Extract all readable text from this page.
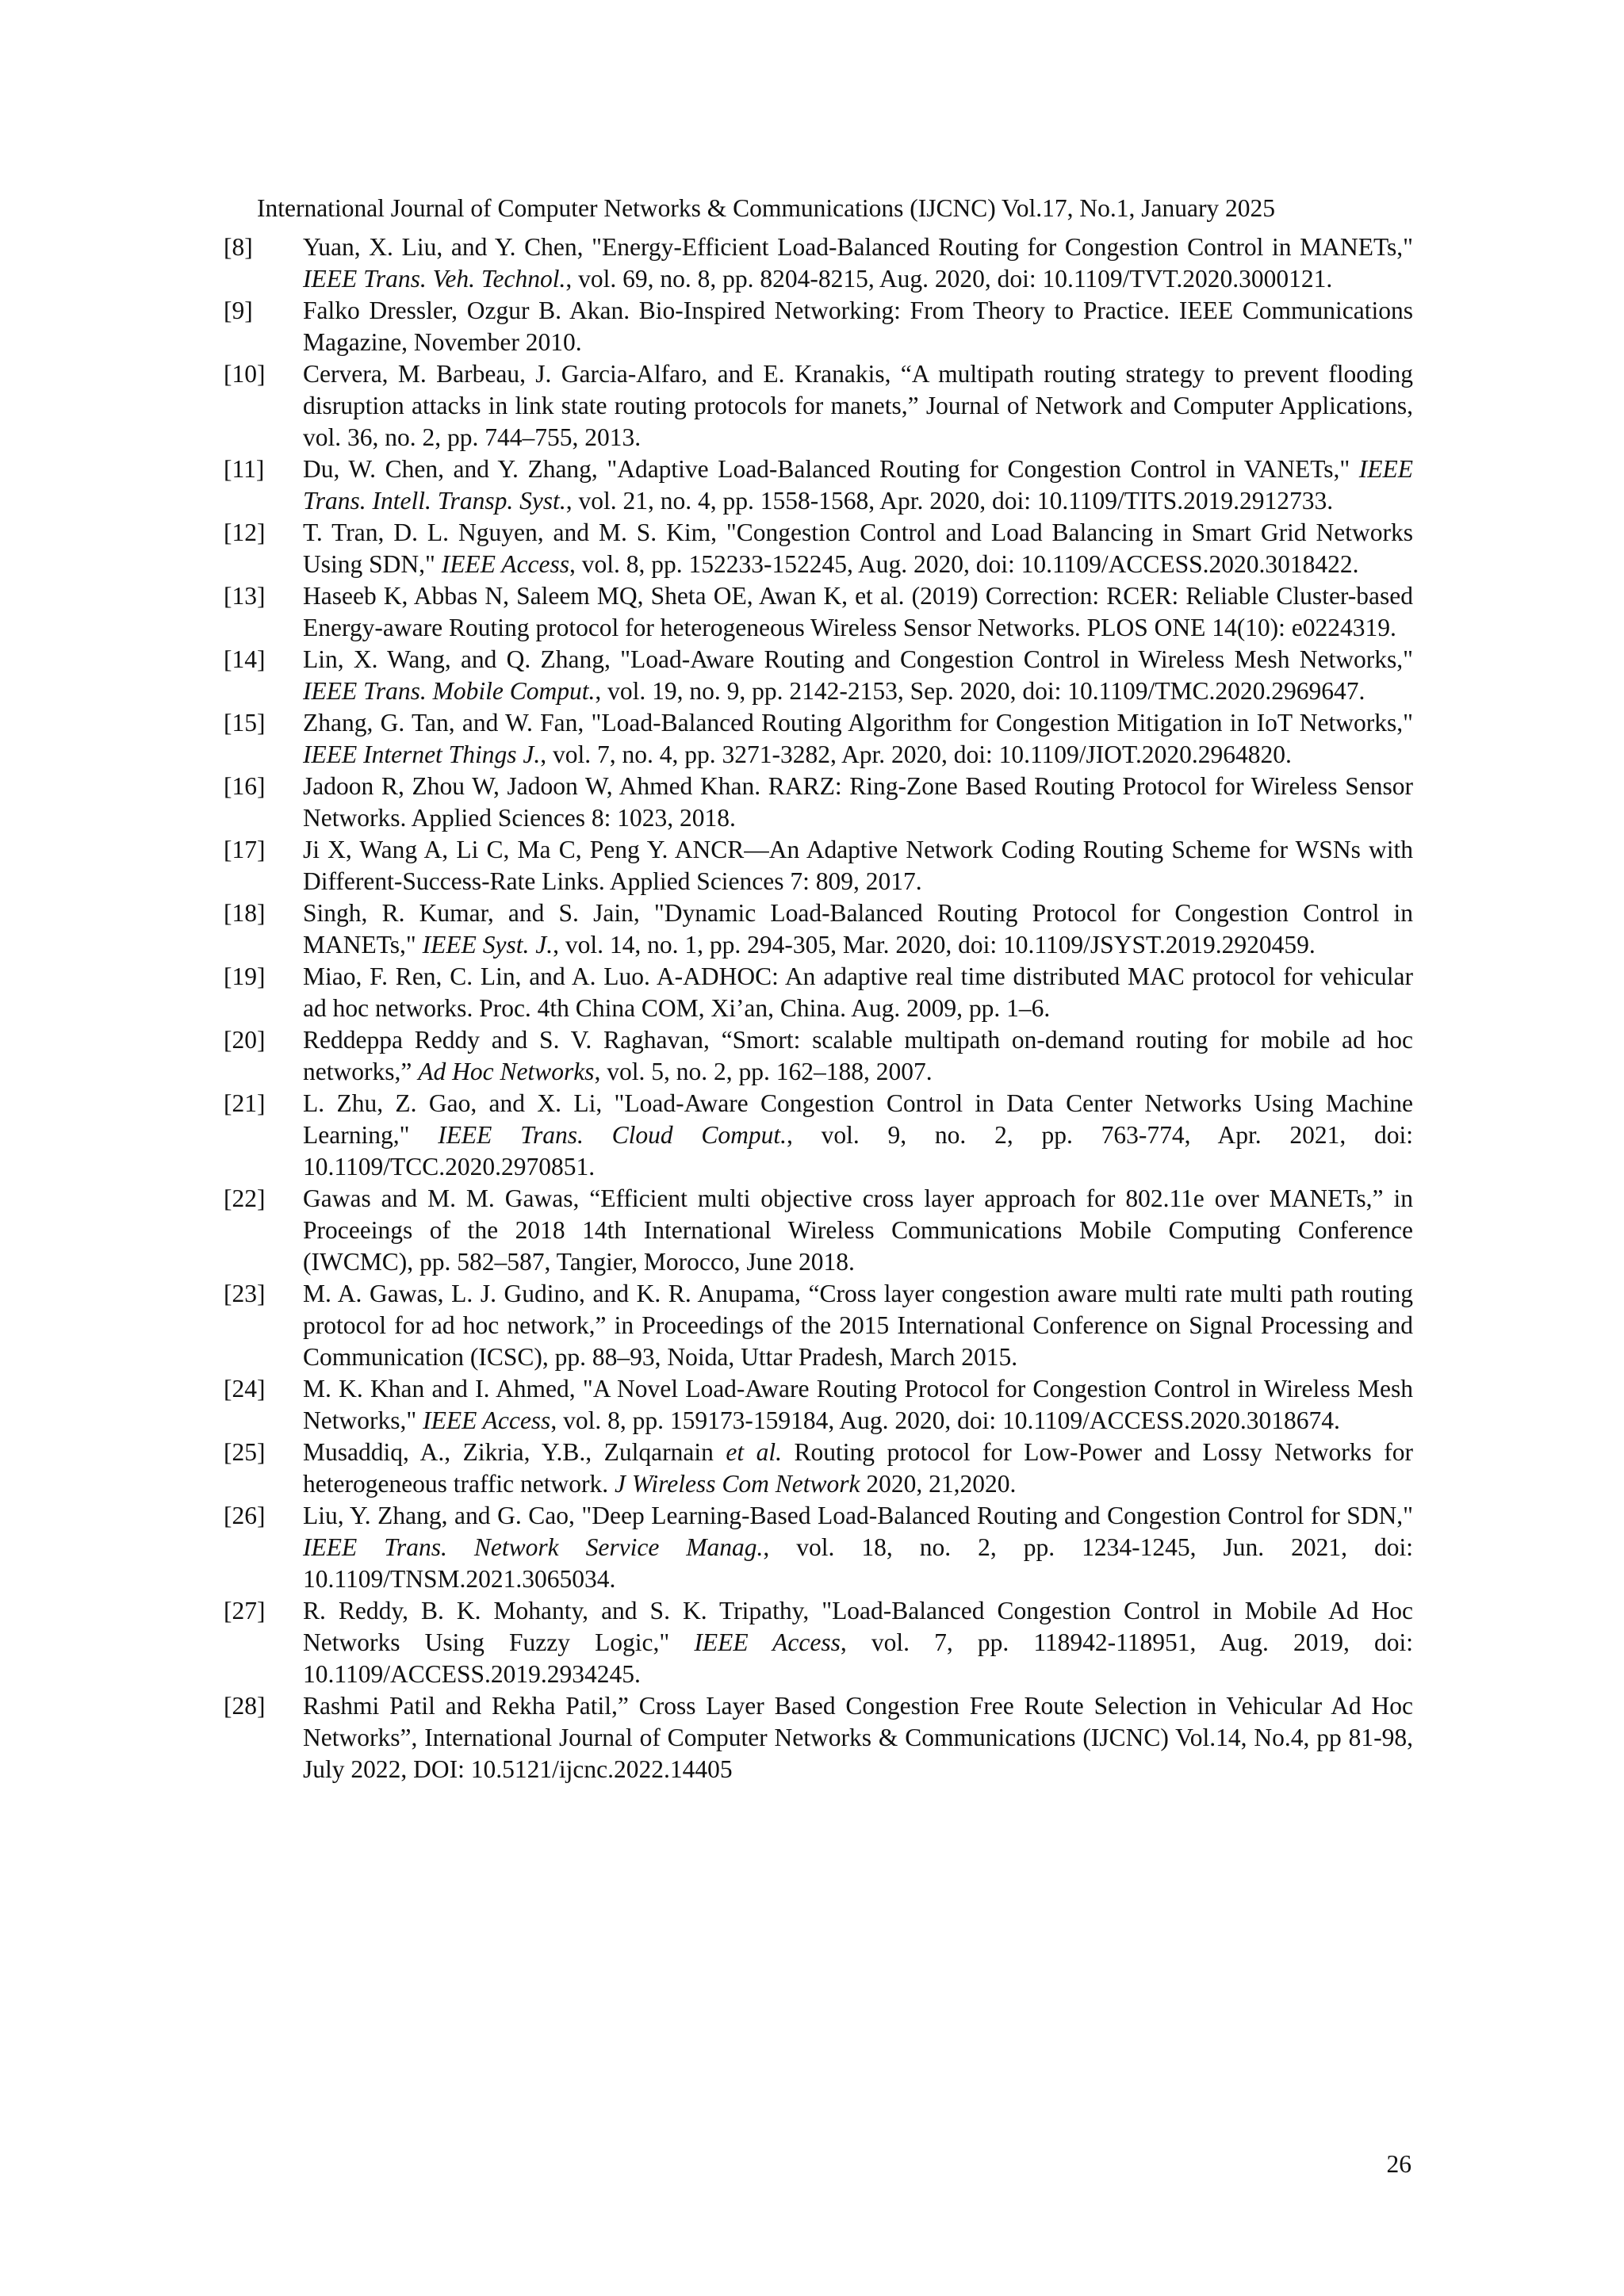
International Journal of Computer Networks & Communications (IJCNC) Vol.17, No.1, January 2025

[8]	Yuan, X. Liu, and Y. Chen, "Energy-Efficient Load-Balanced Routing for Congestion Control in MANETs," IEEE Trans. Veh. Technol., vol. 69, no. 8, pp. 8204-8215, Aug. 2020, doi: 10.1109/TVT.2020.3000121.
[9]	Falko Dressler, Ozgur B. Akan. Bio-Inspired Networking: From Theory to Practice. IEEE Communications Magazine, November 2010.
[10]	Cervera, M. Barbeau, J. Garcia-Alfaro, and E. Kranakis, “A multipath routing strategy to prevent flooding disruption attacks in link state routing protocols for manets,” Journal of Network and Computer Applications, vol. 36, no. 2, pp. 744–755, 2013.
[11]	Du, W. Chen, and Y. Zhang, "Adaptive Load-Balanced Routing for Congestion Control in VANETs," IEEE Trans. Intell. Transp. Syst., vol. 21, no. 4, pp. 1558-1568, Apr. 2020, doi: 10.1109/TITS.2019.2912733.
[12]	T. Tran, D. L. Nguyen, and M. S. Kim, "Congestion Control and Load Balancing in Smart Grid Networks Using SDN," IEEE Access, vol. 8, pp. 152233-152245, Aug. 2020, doi: 10.1109/ACCESS.2020.3018422.
[13]	Haseeb K, Abbas N, Saleem MQ, Sheta OE, Awan K, et al. (2019) Correction: RCER: Reliable Cluster-based Energy-aware Routing protocol for heterogeneous Wireless Sensor Networks. PLOS ONE 14(10): e0224319.
[14]	Lin, X. Wang, and Q. Zhang, "Load-Aware Routing and Congestion Control in Wireless Mesh Networks," IEEE Trans. Mobile Comput., vol. 19, no. 9, pp. 2142-2153, Sep. 2020, doi: 10.1109/TMC.2020.2969647.
[15]	Zhang, G. Tan, and W. Fan, "Load-Balanced Routing Algorithm for Congestion Mitigation in IoT Networks," IEEE Internet Things J., vol. 7, no. 4, pp. 3271-3282, Apr. 2020, doi: 10.1109/JIOT.2020.2964820.
[16]	Jadoon R, Zhou W, Jadoon W, Ahmed Khan. RARZ: Ring-Zone Based Routing Protocol for Wireless Sensor Networks. Applied Sciences 8: 1023, 2018.
[17]	Ji X, Wang A, Li C, Ma C, Peng Y. ANCR—An Adaptive Network Coding Routing Scheme for WSNs with Different-Success-Rate Links. Applied Sciences 7: 809, 2017.
[18]	Singh, R. Kumar, and S. Jain, "Dynamic Load-Balanced Routing Protocol for Congestion Control in MANETs," IEEE Syst. J., vol. 14, no. 1, pp. 294-305, Mar. 2020, doi: 10.1109/JSYST.2019.2920459.
[19]	Miao, F. Ren, C. Lin, and A. Luo. A-ADHOC: An adaptive real time distributed MAC protocol for vehicular ad hoc networks. Proc. 4th China COM, Xi’an, China. Aug. 2009, pp. 1–6.
[20]	Reddeppa Reddy and S. V. Raghavan, “Smort: scalable multipath on-demand routing for mobile ad hoc networks,” Ad Hoc Networks, vol. 5, no. 2, pp. 162–188, 2007.
[21]	L. Zhu, Z. Gao, and X. Li, "Load-Aware Congestion Control in Data Center Networks Using Machine Learning," IEEE Trans. Cloud Comput., vol. 9, no. 2, pp. 763-774, Apr. 2021, doi: 10.1109/TCC.2020.2970851.
[22]	Gawas and M. M. Gawas, “Efficient multi objective cross layer approach for 802.11e over MANETs,” in Proceeings of the 2018 14th International Wireless Communications Mobile Computing Conference (IWCMC), pp. 582–587, Tangier, Morocco, June 2018.
[23]	M. A. Gawas, L. J. Gudino, and K. R. Anupama, “Cross layer congestion aware multi rate multi path routing protocol for ad hoc network,” in Proceedings of the 2015 International Conference on Signal Processing and Communication (ICSC), pp. 88–93, Noida, Uttar Pradesh, March 2015.
[24]	M. K. Khan and I. Ahmed, "A Novel Load-Aware Routing Protocol for Congestion Control in Wireless Mesh Networks," IEEE Access, vol. 8, pp. 159173-159184, Aug. 2020, doi: 10.1109/ACCESS.2020.3018674.
[25]	Musaddiq, A., Zikria, Y.B., Zulqarnain et al. Routing protocol for Low-Power and Lossy Networks for heterogeneous traffic network. J Wireless Com Network 2020, 21,2020.
[26]	Liu, Y. Zhang, and G. Cao, "Deep Learning-Based Load-Balanced Routing and Congestion Control for SDN," IEEE Trans. Network Service Manag., vol. 18, no. 2, pp. 1234-1245, Jun. 2021, doi: 10.1109/TNSM.2021.3065034.
[27]	R. Reddy, B. K. Mohanty, and S. K. Tripathy, "Load-Balanced Congestion Control in Mobile Ad Hoc Networks Using Fuzzy Logic," IEEE Access, vol. 7, pp. 118942-118951, Aug. 2019, doi: 10.1109/ACCESS.2019.2934245.
[28]	Rashmi Patil and Rekha Patil,” Cross Layer Based Congestion Free Route Selection in Vehicular Ad Hoc Networks”, International Journal of Computer Networks & Communications (IJCNC) Vol.14, No.4, pp 81-98, July 2022, DOI: 10.5121/ijcnc.2022.14405

26
